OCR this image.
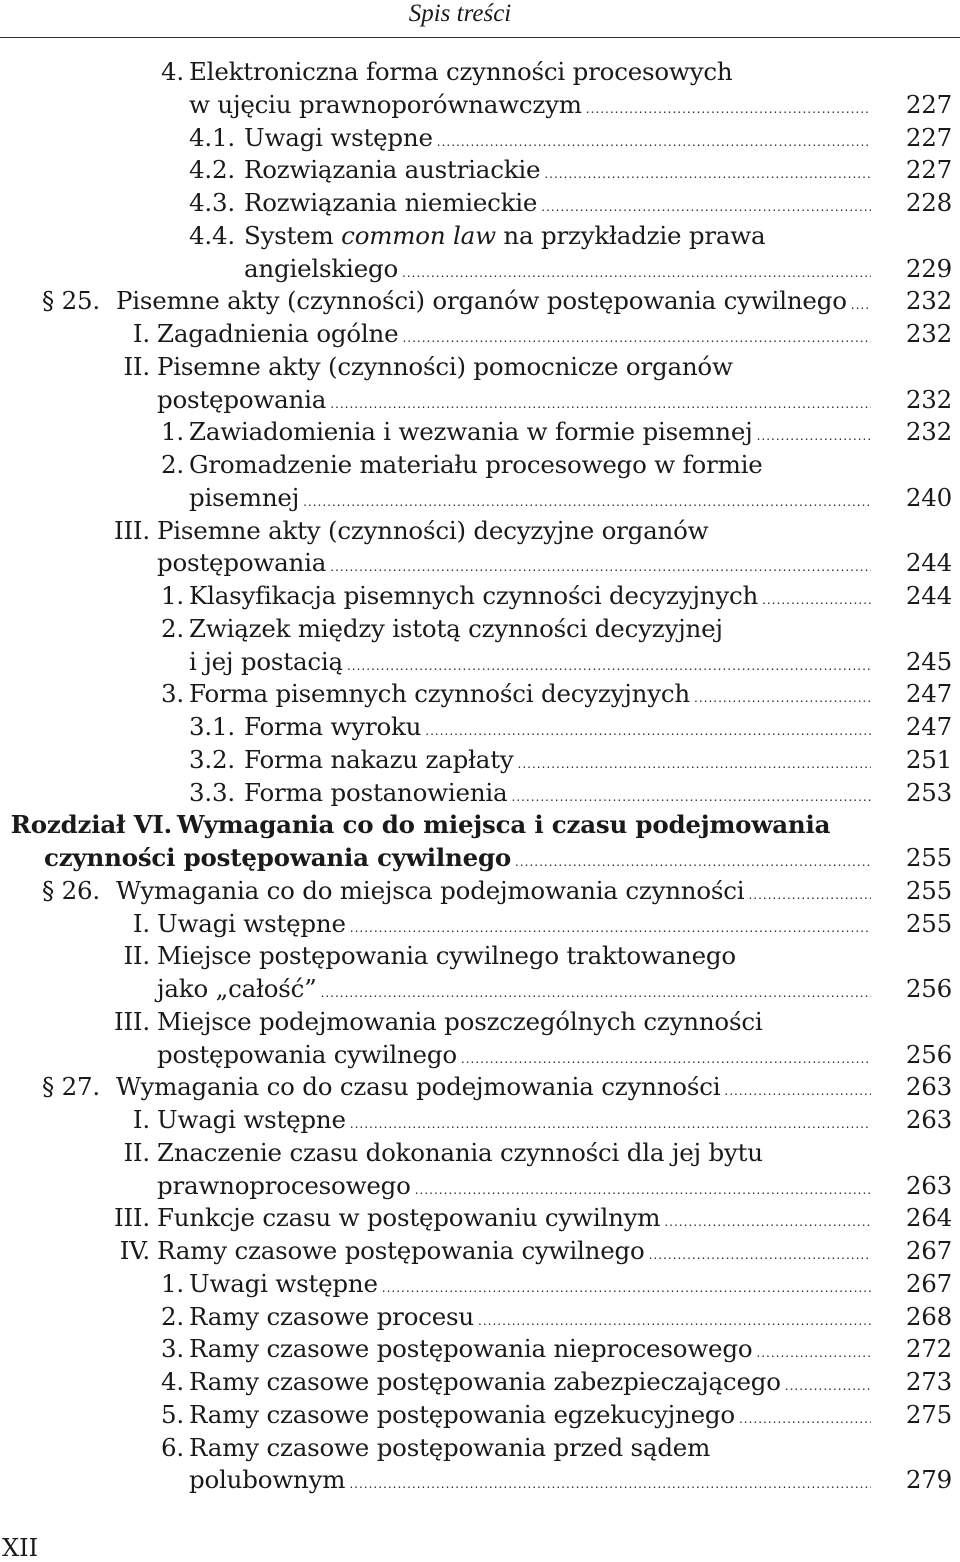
Spis treści
4. Elektroniczna forma czynności procesowych
w ujęciu prawnoporównawczym .....	227
4.1. Uwagi wstępne .....	227
4.2. Rozwiązania austriackie .....	227
4.3. Rozwiązania niemieckie .....	228
4.4. System common law na przykładzie prawa
angielskiego .....	229
§ 25. Pisemne akty (czynności) organów postępowania cywilnego ..... 232
I. Zagadnienia ogólne .....	232
II. Pisemne akty (czynności) pomocnicze organów
postępowania .....	232
1. Zawiadomienia i wezwania w formie pisemnej .....	232
2. Gromadzenie materiału procesowego w formie
pisemnej .....	240
III. Pisemne akty (czynności) decyzyjne organów
postępowania .....	244
1. Klasyfikacja pisemnych czynności decyzyjnych .....	244
2. Związek między istotą czynności decyzyjnej
i jej postacią .....	245
3. Forma pisemnych czynności decyzyjnych .....	247
3.1. Forma wyroku .....	247
3.2. Forma nakazu zapłaty .....	251
3.3. Forma postanowienia .....	253
Rozdział VI. Wymagania co do miejsca i czasu podejmowania
czynności postępowania cywilnego .....	255
§ 26. Wymagania co do miejsca podejmowania czynności .....	255
I. Uwagi wstępne .....	255
II. Miejsce postępowania cywilnego traktowanego
jako „całość” .....	256
III. Miejsce podejmowania poszczególnych czynności
postępowania cywilnego .....	256
§ 27. Wymagania co do czasu podejmowania czynności .....	263
I. Uwagi wstępne .....	263
II. Znaczenie czasu dokonania czynności dla jej bytu
prawnoprocesowego .....	263
III. Funkcje czasu w postępowaniu cywilnym .....	264
IV. Ramy czasowe postępowania cywilnego .....	267
1. Uwagi wstępne .....	267
2. Ramy czasowe procesu .....	268
3. Ramy czasowe postępowania nieprocesowego .....	272
4. Ramy czasowe postępowania zabezpieczającego .....	273
5. Ramy czasowe postępowania egzekucyjnego .....	275
6. Ramy czasowe postępowania przed sądem
polubownym .....	279
XII
